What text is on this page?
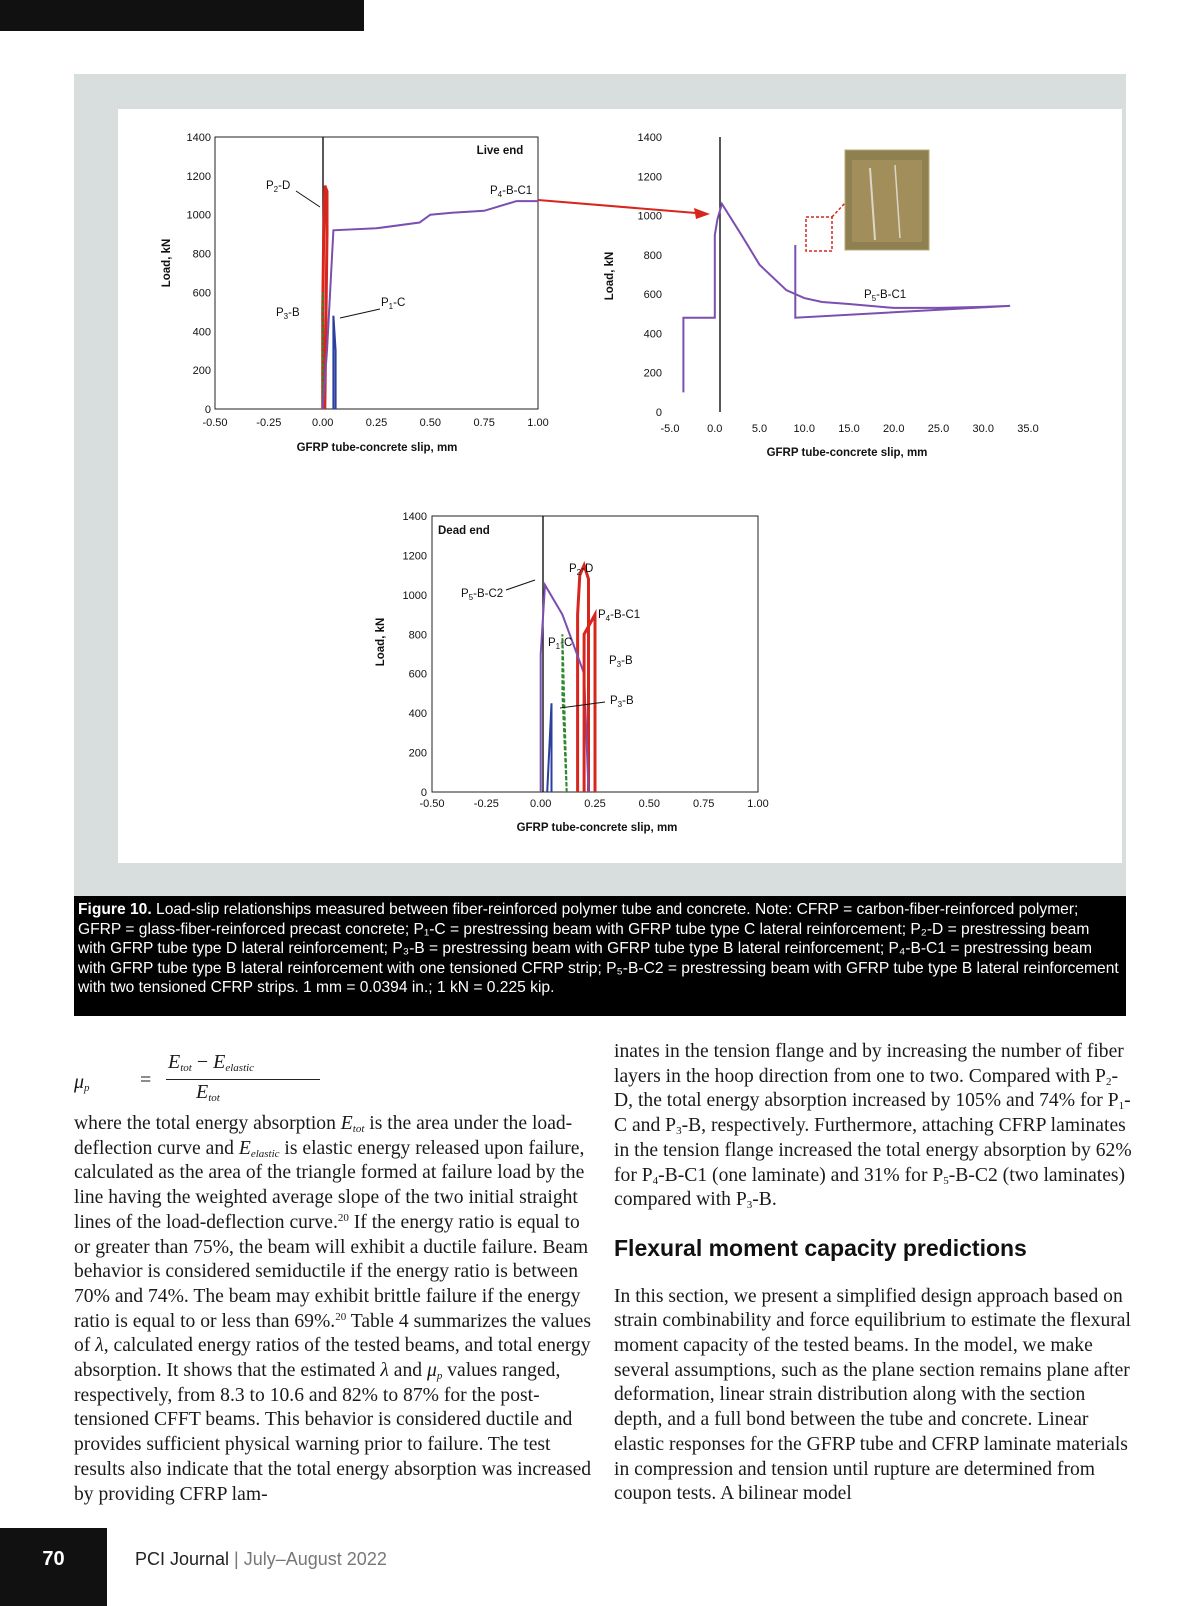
Load, kN
0
200
400
600
800
1000
1200
1400
-0.50	-0.25	0.00	0.25	0.50	0.75	1.00
Live end
GFRP tube-concrete slip, mm
$P_2-D$	$P_4-B-C1$
$P_3-B$
$P_1-C$
Load, kN
0
200
400
600
800
1000
1200
1400
-5.0	0.0	5.0 10.0 15.0 20.0 25.0 30.0 35.0
GFRP tube-concrete slip, mm
$P_5-B-C1$
Load, kN
0
200
400
600
800
1000
1200
1400
-0.50	-0.25	0.00	0.25	0.50	0.75	1.00
Dead end
GFRP tube-concrete slip, mm
$P_2-D$
$P_5-B-C2$
$P_4-B-C1$
$P_1-C$
$P_3-B$
$P_3-B$
Figure 10. Load-slip relationships measured between fiber-reinforced polymer tube and concrete. Note: CFRP = carbon-fiber-reinforced polymer; GFRP = glass-fiber-reinforced precast concrete; P₁-C = prestressing beam with GFRP tube type C lateral reinforcement; P₂-D = prestressing beam with GFRP tube type D lateral reinforcement; P₃-B = prestressing beam with GFRP tube type B lateral reinforcement; P₄-B-C1 = prestressing beam with GFRP tube type B lateral reinforcement with one tensioned CFRP strip; P₅-B-C2 = prestressing beam with GFRP tube type B lateral reinforcement with two tensioned CFRP strips. 1 mm = 0.0394 in.; 1 kN = 0.225 kip.
$\mu_p$	=
$E_{tot} - E_{elastic}$
$E_{tot}$

where the total energy absorption $E_{tot}$ is the area under the load-deflection curve and $E_{elastic}$ is elastic energy released upon failure, calculated as the area of the triangle formed at failure load by the line having the weighted average slope of the two initial straight lines of the load-deflection curve.$^{20}$ If the energy ratio is equal to or greater than 75%, the beam will exhibit a ductile failure. Beam behavior is considered semiductile if the energy ratio is between 70% and 74%. The beam may exhibit brittle failure if the energy ratio is equal to or less than 69%.$^{20}$ Table 4 summarizes the values of λ, calculated energy ratios of the tested beams, and total energy absorption. It shows that the estimated λ and $\mu_p$ values ranged, respectively, from 8.3 to 10.6 and 82% to 87% for the post-tensioned CFFT beams. This behavior is considered ductile and provides sufficient physical warning prior to failure. The test results also indicate that the total energy absorption was increased by providing CFRP lam-

inates in the tension flange and by increasing the number of fiber layers in the hoop direction from one to two. Compared with $P_2-D$, the total energy absorption increased by 105% and 74% for $P_1-C$ and $P_3-B$, respectively. Furthermore, attaching CFRP laminates in the tension flange increased the total energy absorption by 62% for $P_4-B-C1$ (one laminate) and 31% for $P_5-B-C2$ (two laminates) compared with $P_3-B$.

Flexural moment capacity predictions

In this section, we present a simplified design approach based on strain combinability and force equilibrium to estimate the flexural moment capacity of the tested beams. In the model, we make several assumptions, such as the plane section remains plane after deformation, linear strain distribution along with the section depth, and a full bond between the tube and concrete. Linear elastic responses for the GFRP tube and CFRP laminate materials in compression and tension until rupture are determined from coupon tests. A bilinear model

70	PCI Journal | July–August 2022
